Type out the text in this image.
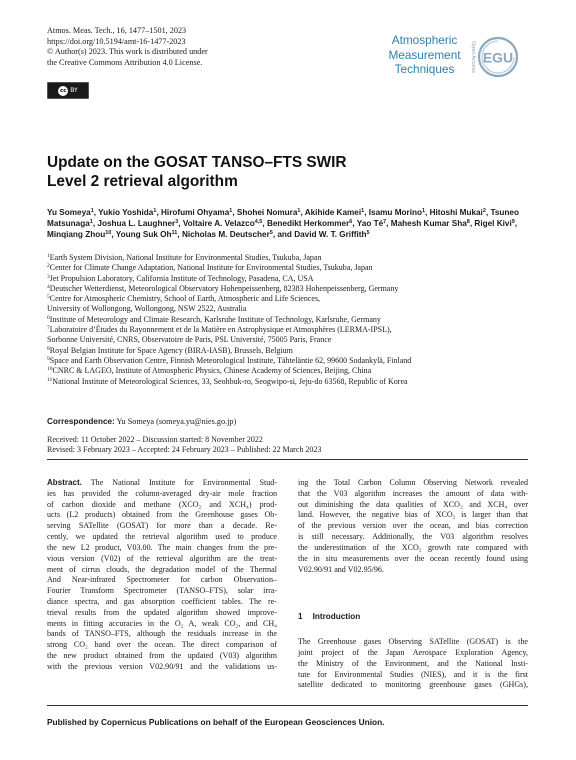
Atmos. Meas. Tech., 16, 1477–1501, 2023
https://doi.org/10.5194/amt-16-1477-2023
© Author(s) 2023. This work is distributed under
the Creative Commons Attribution 4.0 License.
cc BY
Atmospheric
Measurement
Techniques	Open Access EGU
Update on the GOSAT TANSO–FTS SWIR
Level 2 retrieval algorithm
Yu Someya$^1$, Yukio Yoshida$^1$, Hirofumi Ohyama$^1$, Shohei Nomura$^1$, Akihide Kamei$^1$, Isamu Morino$^1$, Hitoshi Mukai$^2$, Tsuneo Matsunaga$^1$, Joshua L. Laughner$^3$, Voltaire A. Velazco$^{4,5}$, Benedikt Herkommer$^6$, Yao $Té^7$, Mahesh Kumar Sha$^8$, Rigel Kivi$^9$, Minqiang Zhou$^{10}$, Young Suk Oh$^{11}$, Nicholas M. Deutscher$^5$, and David W. T. Griffith$^5$
$^1$Earth System Division, National Institute for Environmental Studies, Tsukuba, Japan
$^2$Center for Climate Change Adaptation, National Institute for Environmental Studies, Tsukuba, Japan
$^3$Jet Propulsion Laboratory, California Institute of Technology, Pasadena, CA, USA
$^4$Deutscher Wetterdienst, Meteorological Observatory Hohenpeissenberg, 82383 Hohenpeissenberg, Germany
$^5$Centre for Atmospheric Chemistry, School of Earth, Atmospheric and Life Sciences,
University of Wollongong, Wollongong, NSW 2522, Australia
$^6$Institute of Meteorology and Climate Research, Karlsruhe Institute of Technology, Karlsruhe, Germany
$^7$Laboratoire d’Études du Rayonnement et de la Matière en Astrophysique et Atmosphères (LERMA-IPSL),
Sorbonne Université, CNRS, Observatoire de Paris, PSL Université, 75005 Paris, France
$^8$Royal Belgian Institute for Space Agency (BIRA-IASB), Brussels, Belgium
$^9$Space and Earth Observation Centre, Finnish Meteorological Institute, Tähteläntie 62, 99600 Sodankylä, Finland
$^{10}$CNRC & LAGEO, Institute of Atmospheric Physics, Chinese Academy of Sciences, Beijing, China
$^{11}$National Institute of Meteorological Sciences, 33, Seohbuk-ro, Seogwipo-si, Jeju-do 63568, Republic of Korea
Correspondence: Yu Someya (someya.yu@nies.go.jp)
Received: 11 October 2022 – Discussion started: 8 November 2022
Revised: 3 February 2023 – Accepted: 24 February 2023 – Published: 22 March 2023
Abstract. The National Institute for Environmental Stud-
ies has provided the column-averaged dry-air mole fraction
of carbon dioxide and methane (XCO₂ and XCH₄) prod-
ucts (L2 products) obtained from the Greenhouse gases Ob-
serving SATellite (GOSAT) for more than a decade. Re-
cently, we updated the retrieval algorithm used to produce
the new L2 product, V03.00. The main changes from the pre-
vious version (V02) of the retrieval algorithm are the treat-
ment of cirrus clouds, the degradation model of the Thermal
And Near-infrared Spectrometer for carbon Observation–
Fourier Transform Spectrometer (TANSO–FTS), solar irra-
diance spectra, and gas absorption coefficient tables. The re-
trieval results from the updated algorithm showed improve-
ments in fitting accuracies in the O₂ A, weak CO₂, and CH₄
bands of TANSO–FTS, although the residuals increase in the
strong CO₂ band over the ocean. The direct comparison of
the new product obtained from the updated (V03) algorithm
with the previous version V02.90/91 and the validations us-
ing the Total Carbon Column Observing Network revealed
that the V03 algorithm increases the amount of data with-
out diminishing the data qualities of XCO₂ and XCH₄ over
land. However, the negative bias of XCO₂ is larger than that
of the previous version over the ocean, and bias correction
is still necessary. Additionally, the V03 algorithm resolves
the underestimation of the XCO₂ growth rate compared with
the in situ measurements over the ocean recently found using
V02.90/91 and V02.95/96.
1 Introduction
The Greenhouse gases Observing SATellite (GOSAT) is the
joint project of the Japan Aerospace Exploration Agency,
the Ministry of the Environment, and the National Insti-
tute for Environmental Studies (NIES), and it is the first
satellite dedicated to monitoring greenhouse gases (GHGs),
Published by Copernicus Publications on behalf of the European Geosciences Union.
